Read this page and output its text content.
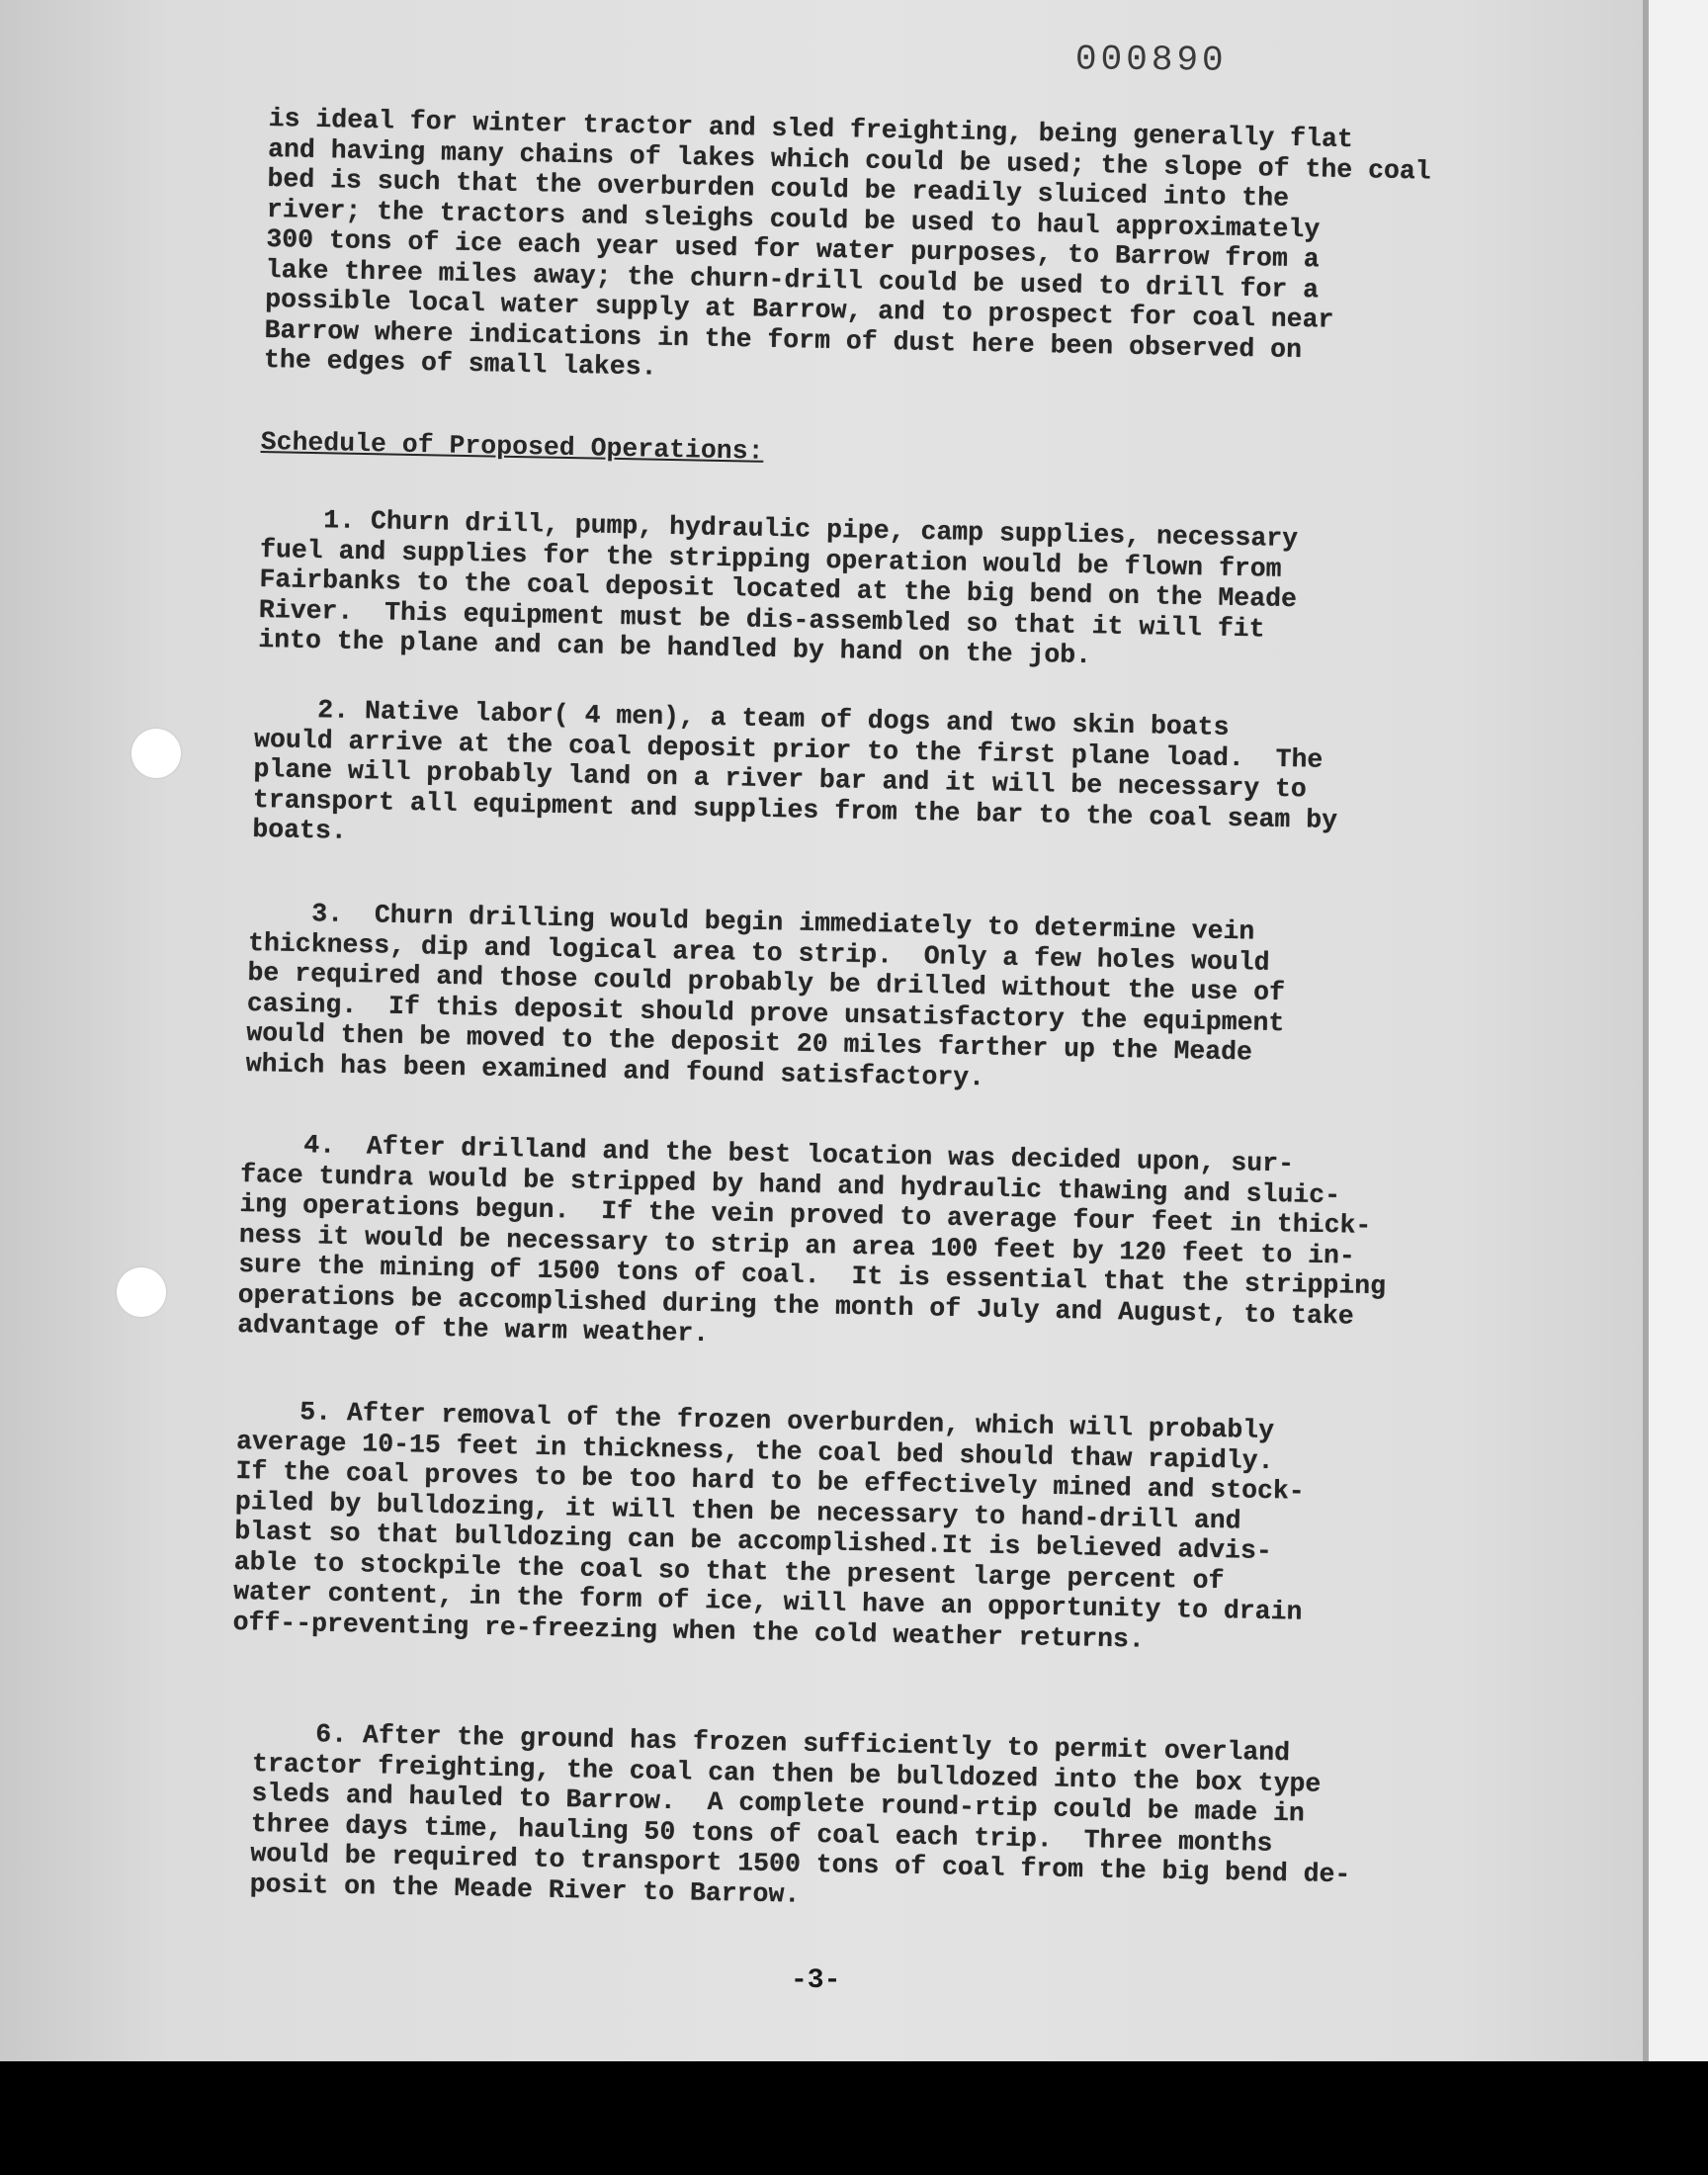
000890
is ideal for winter tractor and sled freighting, being generally flat
and having many chains of lakes which could be used; the slope of the coal
bed is such that the overburden could be readily sluiced into the
river; the tractors and sleighs could be used to haul approximately
300 tons of ice each year used for water purposes, to Barrow from a
lake three miles away; the churn-drill could be used to drill for a
possible local water supply at Barrow, and to prospect for coal near
Barrow where indications in the form of dust here been observed on
the edges of small lakes.
Schedule of Proposed Operations:
1. Churn drill, pump, hydraulic pipe, camp supplies, necessary
fuel and supplies for the stripping operation would be flown from
Fairbanks to the coal deposit located at the big bend on the Meade
River.  This equipment must be dis-assembled so that it will fit
into the plane and can be handled by hand on the job.
2. Native labor( 4 men), a team of dogs and two skin boats
would arrive at the coal deposit prior to the first plane load.  The
plane will probably land on a river bar and it will be necessary to
transport all equipment and supplies from the bar to the coal seam by
boats.
3.  Churn drilling would begin immediately to determine vein
thickness, dip and logical area to strip.  Only a few holes would
be required and those could probably be drilled without the use of
casing.  If this deposit should prove unsatisfactory the equipment
would then be moved to the deposit 20 miles farther up the Meade
which has been examined and found satisfactory.
4.  After drilland and the best location was decided upon, sur-
face tundra would be stripped by hand and hydraulic thawing and sluic-
ing operations begun.  If the vein proved to average four feet in thick-
ness it would be necessary to strip an area 100 feet by 120 feet to in-
sure the mining of 1500 tons of coal.  It is essential that the stripping
operations be accomplished during the month of July and August, to take
advantage of the warm weather.
5. After removal of the frozen overburden, which will probably
average 10-15 feet in thickness, the coal bed should thaw rapidly.
If the coal proves to be too hard to be effectively mined and stock-
piled by bulldozing, it will then be necessary to hand-drill and
blast so that bulldozing can be accomplished.It is believed advis-
able to stockpile the coal so that the present large percent of
water content, in the form of ice, will have an opportunity to drain
off--preventing re-freezing when the cold weather returns.
6. After the ground has frozen sufficiently to permit overland
tractor freighting, the coal can then be bulldozed into the box type
sleds and hauled to Barrow.  A complete round-rtip could be made in
three days time, hauling 50 tons of coal each trip.  Three months
would be required to transport 1500 tons of coal from the big bend de-
posit on the Meade River to Barrow.
-3-
